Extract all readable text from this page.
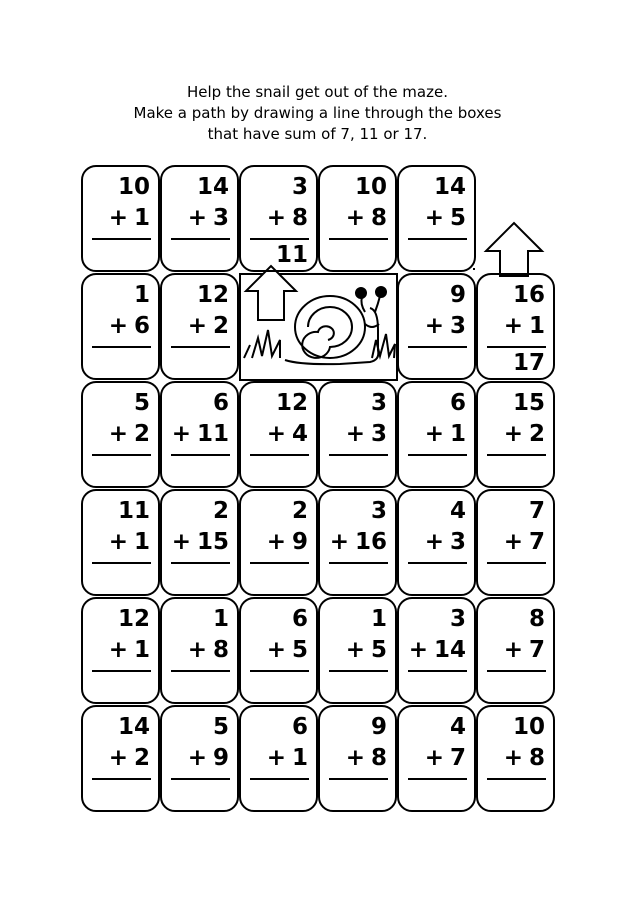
Help the snail get out of the maze.
Make a path by drawing a line through the boxes
that have sum of 7, 11 or 17.
10
+ 1
14
+ 3
3
+ 8
11
10
+ 8
14
+ 5
1
+ 6
12
+ 2
9
+ 3
16
+ 1
17
5
+ 2
6
+ 11
12
+ 4
3
+ 3
6
+ 1
15
+ 2
11
+ 1
2
+ 15
2
+ 9
3
+ 16
4
+ 3
7
+ 7
12
+ 1
1
+ 8
6
+ 5
1
+ 5
3
+ 14
8
+ 7
14
+ 2
5
+ 9
6
+ 1
9
+ 8
4
+ 7
10
+ 8
